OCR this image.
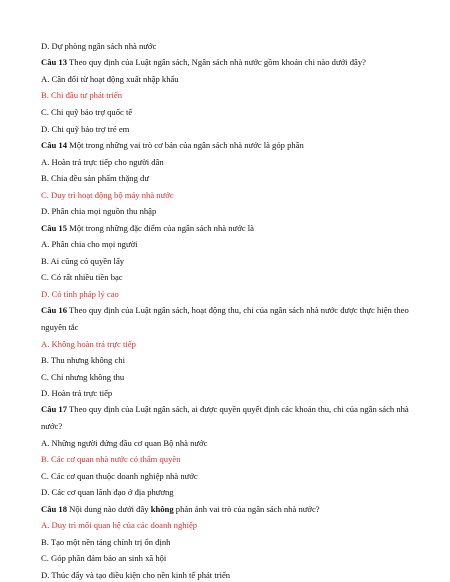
D. Dự phòng ngân sách nhà nước
Câu 13 Theo quy định của Luật ngân sách, Ngân sách nhà nước gồm khoản chi nào dưới đây?
A. Cân đối từ hoạt động xuất nhập khẩu
B. Chi đầu tư phát triển
C. Chi quỹ bảo trợ quốc tế
D. Chi quỹ bảo trợ trẻ em
Câu 14 Một trong những vai trò cơ bản của ngân sách nhà nước là góp phần
A. Hoàn trả trực tiếp cho người dân
B. Chia đều sản phẩm thặng dư
C. Duy trì hoạt động bộ máy nhà nước
D. Phân chia mọi nguồn thu nhập
Câu 15 Một trong những đặc điểm của ngân sách nhà nước là
A. Phân chia cho mọi người
B. Ai cũng có quyền lấy
C. Có rất nhiều tiền bạc
D. Có tính pháp lý cao
Câu 16 Theo quy định của Luật ngân sách, hoạt động thu, chi của ngân sách nhà nước được thực hiện theo nguyên tắc
A. Không hoàn trả trực tiếp
B. Thu nhưng không chi
C. Chi nhưng không thu
D. Hoàn trả trực tiếp
Câu 17 Theo quy định của Luật ngân sách, ai được quyền quyết định các khoản thu, chi của ngân sách nhà nước?
A. Những người đứng đầu cơ quan Bộ nhà nước
B. Các cơ quan nhà nước có thẩm quyền
C. Các cơ quan thuộc doanh nghiệp nhà nước
D. Các cơ quan lãnh đạo ở địa phương
Câu 18 Nội dung nào dưới đây không phản ánh vai trò của ngân sách nhà nước?
A. Duy trì mối quan hệ của các doanh nghiệp
B. Tạo một nền tảng chính trị ổn định
C. Góp phần đảm bảo an sinh xã hội
D. Thúc đẩy và tạo điều kiện cho nền kinh tế phát triển
